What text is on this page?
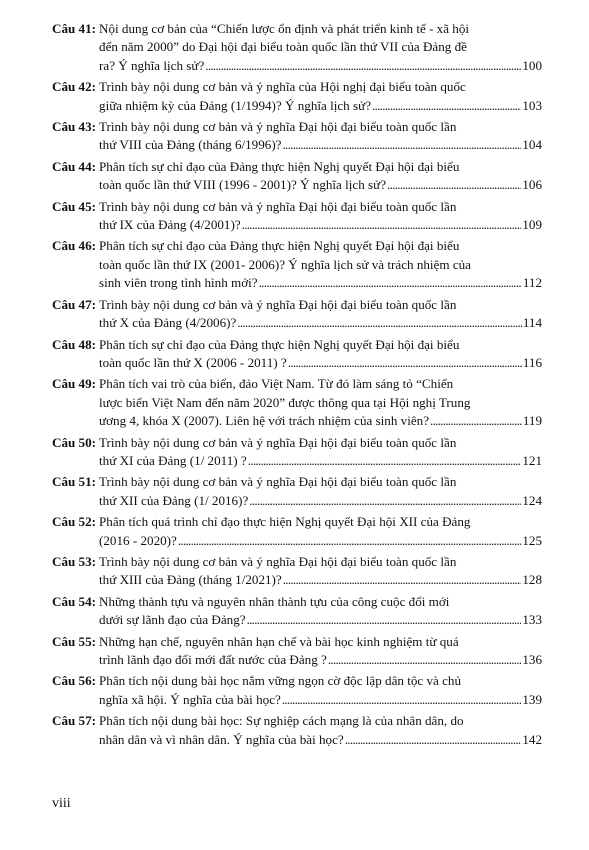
Câu 41: Nội dung cơ bản của “Chiến lược ổn định và phát triển kinh tế - xã hội
đến năm 2000” do Đại hội đại biểu toàn quốc lần thứ VII của Đảng đề
ra? Ý nghĩa lịch sử? . . .	100
Câu 42: Trình bày nội dung cơ bản và ý nghĩa của Hội nghị đại biểu toàn quốc
giữa nhiệm kỳ của Đảng (1/1994)? Ý nghĩa lịch sử? . . .	103
Câu 43: Trình bày nội dung cơ bản và ý nghĩa Đại hội đại biểu toàn quốc lần
thứ VIII của Đảng (tháng 6/1996)? . . .	104
Câu 44: Phân tích sự chỉ đạo của Đảng thực hiện Nghị quyết Đại hội đại biểu
toàn quốc lần thứ VIII (1996 - 2001)? Ý nghĩa lịch sử? . . .	106
Câu 45: Trình bày nội dung cơ bản và ý nghĩa Đại hội đại biểu toàn quốc lần
thứ IX của Đảng (4/2001)? . . .	109
Câu 46: Phân tích sự chỉ đạo của Đảng thực hiện Nghị quyết Đại hội đại biểu
toàn quốc lần thứ IX (2001- 2006)? Ý nghĩa lịch sử và trách nhiệm của
sinh viên trong tình hình mới? . . .	112
Câu 47: Trình bày nội dung cơ bản và ý nghĩa Đại hội đại biểu toàn quốc lần
thứ X của Đảng (4/2006)? . . .	114
Câu 48: Phân tích sự chỉ đạo của Đảng thực hiện Nghị quyết Đại hội đại biểu
toàn quốc lần thứ X (2006 - 2011) ? . . .	116
Câu 49: Phân tích vai trò của biển, đảo Việt Nam. Từ đó làm sáng tỏ “Chiến
lược biển Việt Nam đến năm 2020” được thông qua tại Hội nghị Trung
ương 4, khóa X (2007). Liên hệ với trách nhiệm của sinh viên? . . .	119
Câu 50: Trình bày nội dung cơ bản và ý nghĩa Đại hội đại biểu toàn quốc lần
thứ XI của Đảng (1/ 2011) ? . . .	121
Câu 51: Trình bày nội dung cơ bản và ý nghĩa Đại hội đại biểu toàn quốc lần
thứ XII của Đảng (1/ 2016)? . . .	124
Câu 52: Phân tích quá trình chỉ đạo thực hiện Nghị quyết Đại hội XII của Đảng
(2016 - 2020)? . . .	125
Câu 53: Trình bày nội dung cơ bản và ý nghĩa Đại hội đại biểu toàn quốc lần
thứ XIII của Đảng (tháng 1/2021)? . . .	128
Câu 54: Những thành tựu và nguyên nhân thành tựu của công cuộc đổi mới
dưới sự lãnh đạo của Đảng? . . .	133
Câu 55: Những hạn chế, nguyên nhân hạn chế và bài học kinh nghiệm từ quá
trình lãnh đạo đổi mới đất nước của Đảng ? . . .	136
Câu 56: Phân tích nội dung bài học nắm vững ngọn cờ độc lập dân tộc và chủ
nghĩa xã hội. Ý nghĩa của bài học? . . .	139
Câu 57: Phân tích nội dung bài học: Sự nghiệp cách mạng là của nhân dân, do
nhân dân và vì nhân dân. Ý nghĩa của bài học? . . .	142
viii
